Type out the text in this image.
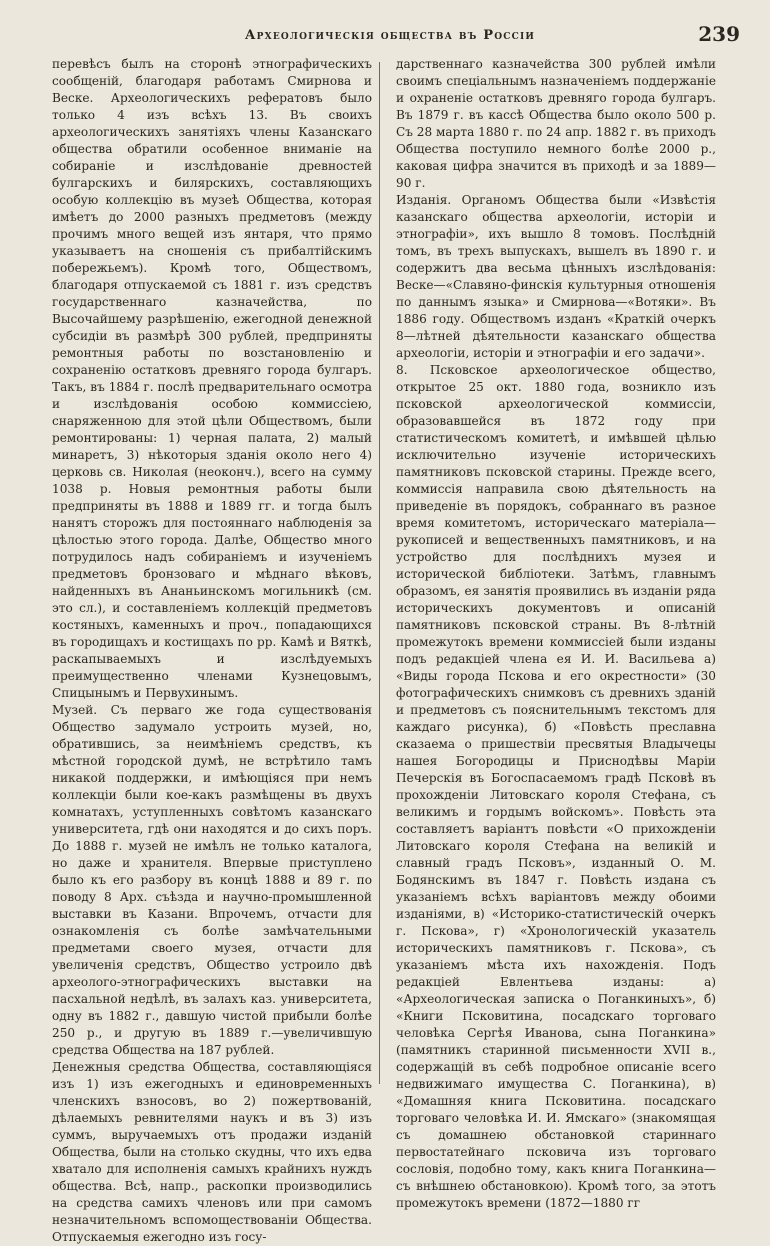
Археологическія общества въ Россіи	239
перевѣсъ былъ на сторонѣ этнографическихъ сообщеній, благодаря работамъ Смирнова и Веске. Археологическихъ рефератовъ было только 4 изъ всѣхъ 13. Въ своихъ археологическихъ занятіяхъ члены Казанскаго общества обратили особенное вниманіе на собираніе и изслѣдованіе древностей булгарскихъ и билярскихъ, составляющихъ особую коллекцію въ музеѣ Общества, которая имѣетъ до 2000 разныхъ предметовъ (между прочимъ много вещей изъ янтаря, что прямо указываетъ на сношенія съ прибалтійскимъ побережьемъ). Кромѣ того, Обществомъ, благодаря отпускаемой съ 1881 г. изъ средствъ государственнаго казначейства, по Высочайшему разрѣшенію, ежегодной денежной субсидіи въ размѣрѣ 300 рублей, предприняты ремонтныя работы по возстановленію и сохраненію остатковъ древняго города булгаръ. Такъ, въ 1884 г. послѣ предварительнаго осмотра и изслѣдованія особою коммиссіею, снаряженною для этой цѣли Обществомъ, были ремонтированы: 1) черная палата, 2) малый минаретъ, 3) нѣкоторыя зданія около него 4) церковь св. Николая (неоконч.), всего на сумму 1038 р. Новыя ремонтныя работы были предприняты въ 1888 и 1889 гг. и тогда былъ нанятъ сторожъ для постояннаго наблюденія за цѣлостью этого города. Далѣе, Общество много потрудилось надъ собираніемъ и изученіемъ предметовъ бронзоваго и мѣднаго вѣковъ, найденныхъ въ Ананьинскомъ могильникѣ (см. это сл.), и составленіемъ коллекцій предметовъ костяныхъ, каменныхъ и проч., попадающихся въ городищахъ и костищахъ по рр. Камѣ и Вяткѣ, раскапываемыхъ и изслѣдуемыхъ преимущественно членами Кузнецовымъ, Спицынымъ и Первухинымъ.
Музей. Съ перваго же года существованія Общество задумало устроить музей, но, обратившись, за неимѣніемъ средствъ, къ мѣстной городской думѣ, не встрѣтило тамъ никакой поддержки, и имѣющіяся при немъ коллекціи были кое-какъ размѣщены въ двухъ комнатахъ, уступленныхъ совѣтомъ казанскаго университета, гдѣ они находятся и до сихъ поръ. До 1888 г. музей не имѣлъ не только каталога, но даже и хранителя. Впервые приступлено было къ его разбору въ концѣ 1888 и 89 г. по поводу 8 Арх. съѣзда и научно-промышленной выставки въ Казани. Впрочемъ, отчасти для ознакомленія съ болѣе замѣчательными предметами своего музея, отчасти для увеличенія средствъ, Общество устроило двѣ археолого-этнографическихъ выставки на пасхальной недѣлѣ, въ залахъ каз. университета, одну въ 1882 г., давшую чистой прибыли болѣе 250 р., и другую въ 1889 г.—увеличившую средства Общества на 187 рублей.
Денежныя средства Общества, составляющіяся изъ 1) изъ ежегодныхъ и единовременныхъ членскихъ взносовъ, во 2) пожертвованій, дѣлаемыхъ ревнителями наукъ и въ 3) изъ суммъ, выручаемыхъ отъ продажи изданій Общества, были на столько скудны, что ихъ едва хватало для исполненія самыхъ крайнихъ нуждъ общества. Всѣ, напр., раскопки производились на средства самихъ членовъ или при самомъ незначительномъ вспомоществованіи Общества. Отпускаемыя ежегодно изъ госу-
дарственнаго казначейства 300 рублей имѣли своимъ спеціальнымъ назначеніемъ поддержаніе и охраненіе остатковъ древняго города булгаръ. Въ 1879 г. въ кассѣ Общества было около 500 р. Съ 28 марта 1880 г. по 24 апр. 1882 г. въ приходъ Общества поступило немного болѣе 2000 р., каковая цифра значится въ приходѣ и за 1889—90 г.
Изданія. Органомъ Общества были «Извѣстія казанскаго общества археологіи, исторіи и этнографіи», ихъ вышло 8 томовъ. Послѣдній томъ, въ трехъ выпускахъ, вышелъ въ 1890 г. и содержитъ два весьма цѣнныхъ изслѣдованія: Веске—«Славяно-финскія культурныя отношенія по даннымъ языка» и Смирнова—«Вотяки». Въ 1886 году. Обществомъ изданъ «Краткій очеркъ 8—лѣтней дѣятельности казанскаго общества археологіи, исторіи и этнографіи и его задачи».
8. Псковское археологическое общество, открытое 25 окт. 1880 года, возникло изъ псковской археологической коммиссіи, образовавшейся въ 1872 году при статистическомъ комитетѣ, и имѣвшей цѣлью исключительно изученіе историческихъ памятниковъ псковской старины. Прежде всего, коммиссія направила свою дѣятельность на приведеніе въ порядокъ, собраннаго въ разное время комитетомъ, историческаго матеріала—рукописей и вещественныхъ памятниковъ, и на устройство для послѣднихъ музея и исторической библіотеки. Затѣмъ, главнымъ образомъ, ея занятія проявились въ изданіи ряда историческихъ документовъ и описаній памятниковъ псковской страны. Въ 8-лѣтній промежутокъ времени коммиссіей были изданы подъ редакціей члена ея И. И. Васильева а) «Виды города Пскова и его окрестности» (30 фотографическихъ снимковъ съ древнихъ зданій и предметовъ съ пояснительнымъ текстомъ для каждаго рисунка), б) «Повѣсть преславна сказаема о пришествіи пресвятыя Владычецы нашея Богородицы и Приснодѣвы Маріи Печерскія въ Богоспасаемомъ градѣ Псковѣ въ прохожденіи Литовскаго короля Стефана, съ великимъ и гордымъ войскомъ». Повѣсть эта составляетъ варіантъ повѣсти «О прихожденіи Литовскаго короля Стефана на великій и славный градъ Псковъ», изданный О. М. Бодянскимъ въ 1847 г. Повѣсть издана съ указаніемъ всѣхъ варіантовъ между обоими изданіями, в) «Историко-статистическій очеркъ г. Пскова», г) «Хронологическій указатель историческихъ памятниковъ г. Пскова», съ указаніемъ мѣста ихъ нахожденія. Подъ редакціей Евлентьева изданы: а) «Археологическая записка о Поганкиныхъ», б) «Книги Псковитина, посадскаго торговаго человѣка Сергѣя Иванова, сына Поганкина» (памятникъ старинной письменности XVII в., содержащій въ себѣ подробное описаніе всего недвижимаго имущества С. Поганкина), в) «Домашняя книга Псковитина. посадскаго торговаго человѣка И. И. Ямскаго» (знакомящая съ домашнею обстановкой стариннаго первостатейнаго псковича изъ торговаго сословія, подобно тому, какъ книга Поганкина— съ внѣшнею обстановкою). Кромѣ того, за этотъ промежутокъ времени (1872—1880 гг
